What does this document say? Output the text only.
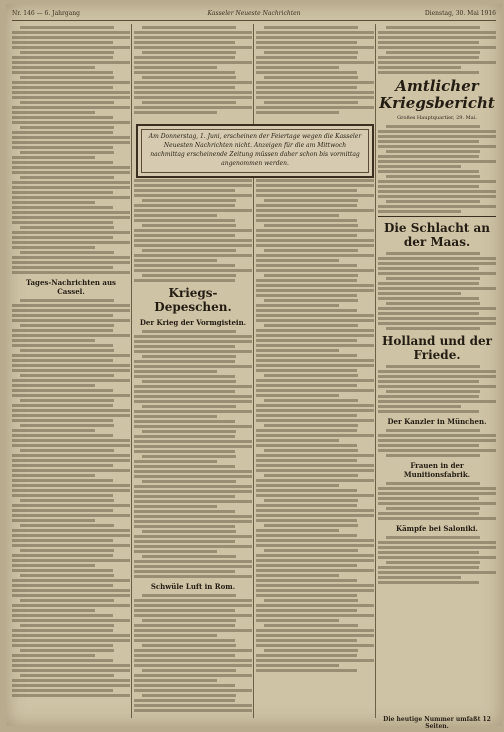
Nr. 146 — 6. Jahrgang	Kasseler Neueste Nachrichten	Dienstag, 30. Mai 1916
Tages-Nachrichten aus Cassel.	Kriegs-Depeschen.
Der Krieg der Vormgistein.
Schwüle Luft in Rom.

Am Donnerstag, 1. Juni, erscheinen der Feiertage wegen die Kasseler Neuesten Nachrichten nicht. Anzeigen für die am Mittwoch nachmittag erscheinende Zeitung müssen daher schon bis vormittag angenommen werden.

Amtlicher Kriegsbericht
Großes Hauptquartier, 29. Mai.
Die Schlacht an der Maas.
Holland und der Friede.
Der Kanzler in München.
Frauen in der Munitionsfabrik.
Kämpfe bei Saloniki.
Die heutige Nummer umfaßt 12 Seiten.
